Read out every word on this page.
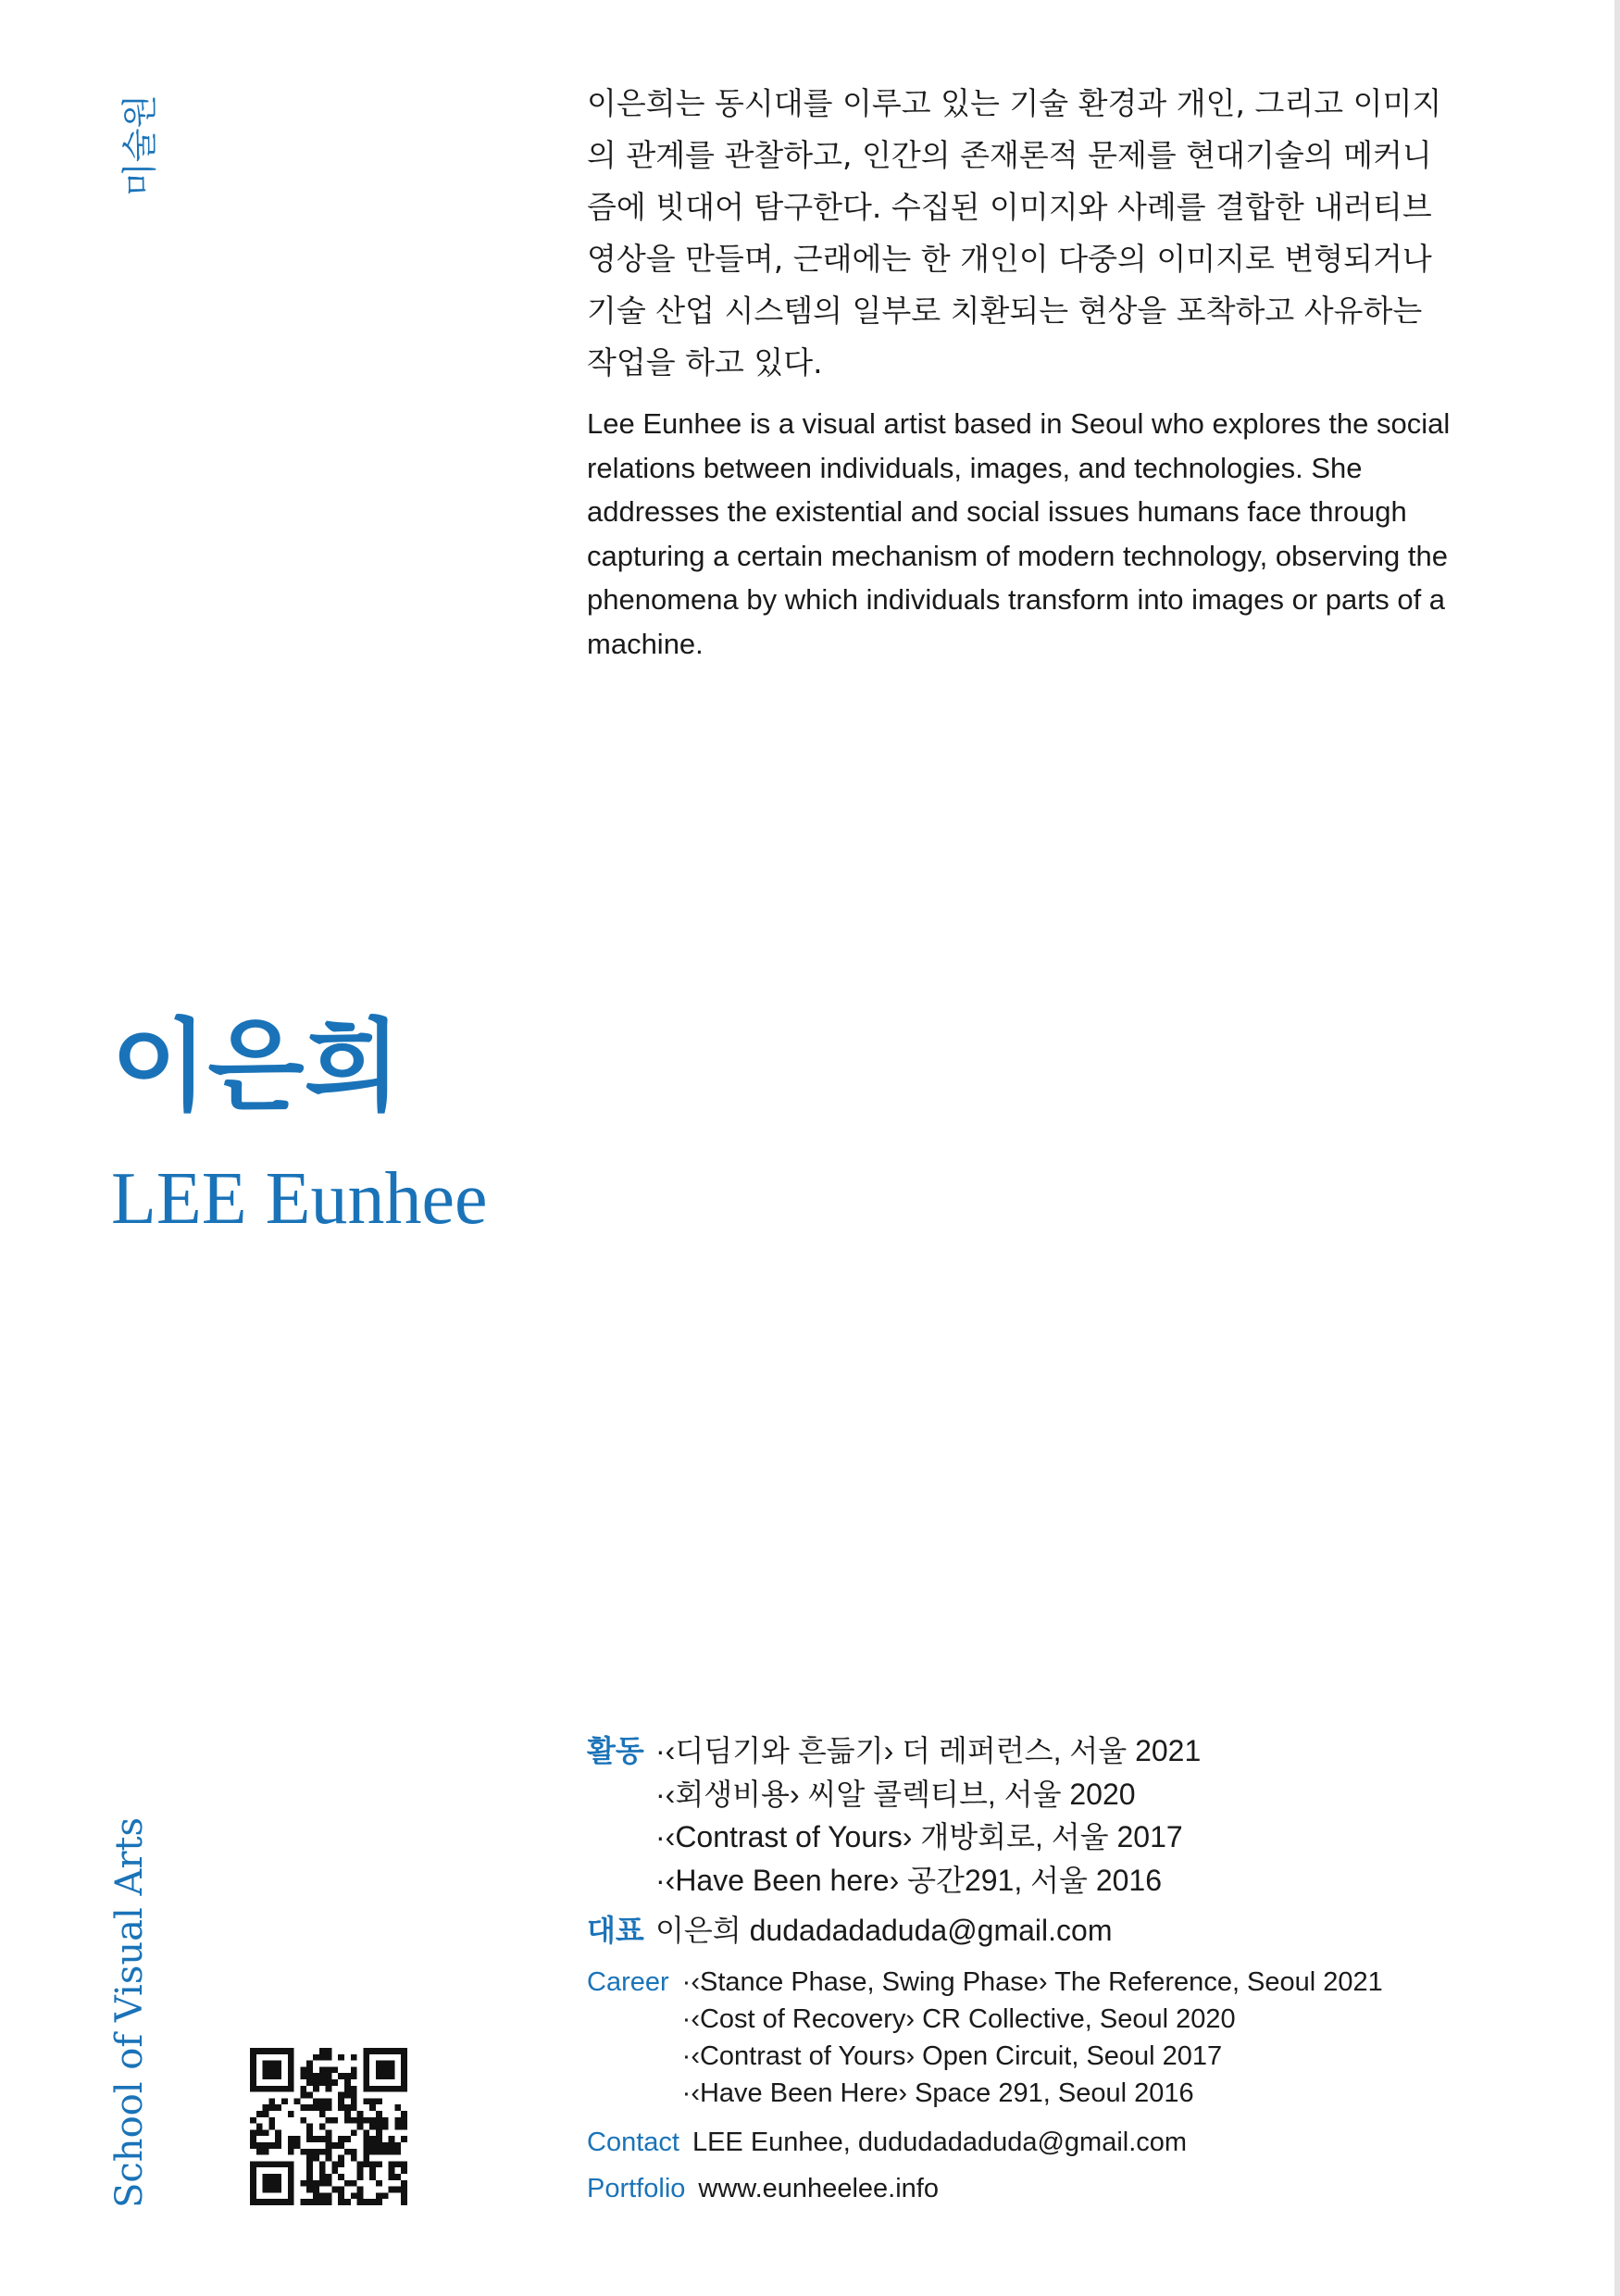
미술원
이은희
LEE Eunhee

이은희는 동시대를 이루고 있는 기술 환경과 개인, 그리고 이미지의 관계를 관찰하고, 인간의 존재론적 문제를 현대기술의 메커니즘에 빗대어 탐구한다. 수집된 이미지와 사례를 결합한 내러티브 영상을 만들며, 근래에는 한 개인이 다중의 이미지로 변형되거나 기술 산업 시스템의 일부로 치환되는 현상을 포착하고 사유하는 작업을 하고 있다.

Lee Eunhee is a visual artist based in Seoul who explores the social relations between individuals, images, and technologies. She addresses the existential and social issues humans face through capturing a certain mechanism of modern technology, observing the phenomena by which individuals transform into images or parts of a machine.

활동 ·‹디딤기와 흔듦기› 더 레퍼런스, 서울 2021
·‹회생비용› 씨알 콜렉티브, 서울 2020
·‹Contrast of Yours› 개방회로, 서울 2017
·‹Have Been here› 공간291, 서울 2016
대표 이은희 dudadadaduda@gmail.com
Career ·‹Stance Phase, Swing Phase› The Reference, Seoul 2021
·‹Cost of Recovery› CR Collective, Seoul 2020
·‹Contrast of Yours› Open Circuit, Seoul 2017
·‹Have Been Here› Space 291, Seoul 2016
Contact LEE Eunhee, dududadaduda@gmail.com
Portfolio www.eunheelee.info
School of Visual Arts
